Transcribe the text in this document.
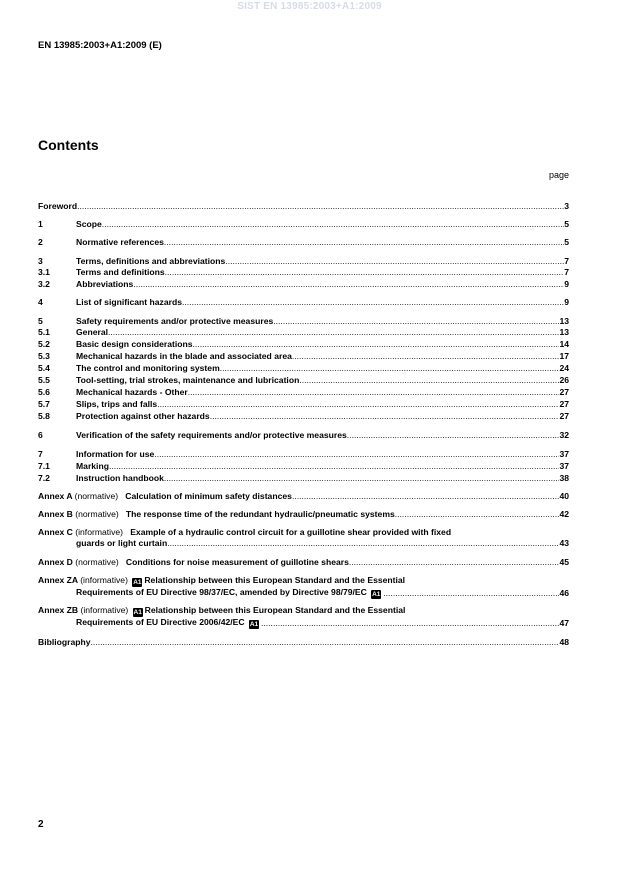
SIST EN 13985:2003+A1:2009
EN 13985:2003+A1:2009 (E)
Contents
page
Foreword .....	3
1	Scope .....	5
2	Normative references .....	5
3	Terms, definitions and abbreviations .....	7
3.1	Terms and definitions .....	7
3.2	Abbreviations .....	9
4	List of significant hazards .....	9
5	Safety requirements and/or protective measures .....	13
5.1	General .....	13
5.2	Basic design considerations .....	14
5.3	Mechanical hazards in the blade and associated area .....	17
5.4	The control and monitoring system .....	24
5.5	Tool-setting, trial strokes, maintenance and lubrication .....	26
5.6	Mechanical hazards - Other .....	27
5.7	Slips, trips and falls .....	27
5.8	Protection against other hazards .....	27
6	Verification of the safety requirements and/or protective measures .....	32
7	Information for use .....	37
7.1	Marking .....	37
7.2	Instruction handbook .....	38
Annex A (normative) Calculation of minimum safety distances .....	40
Annex B (normative) The response time of the redundant hydraulic/pneumatic systems .....	42
Annex C (informative) Example of a hydraulic control circuit for a guillotine shear provided with fixed
guards or light curtain .....	43
Annex D (normative) Conditions for noise measurement of guillotine shears .....	45
Annex ZA (informative) A1 Relationship between this European Standard and the Essential
Requirements of EU Directive 98/37/EC, amended by Directive 98/79/EC A1 .....	46
Annex ZB (informative) A1 Relationship between this European Standard and the Essential
Requirements of EU Directive 2006/42/EC A1 .....	47
Bibliography .....	48
2
